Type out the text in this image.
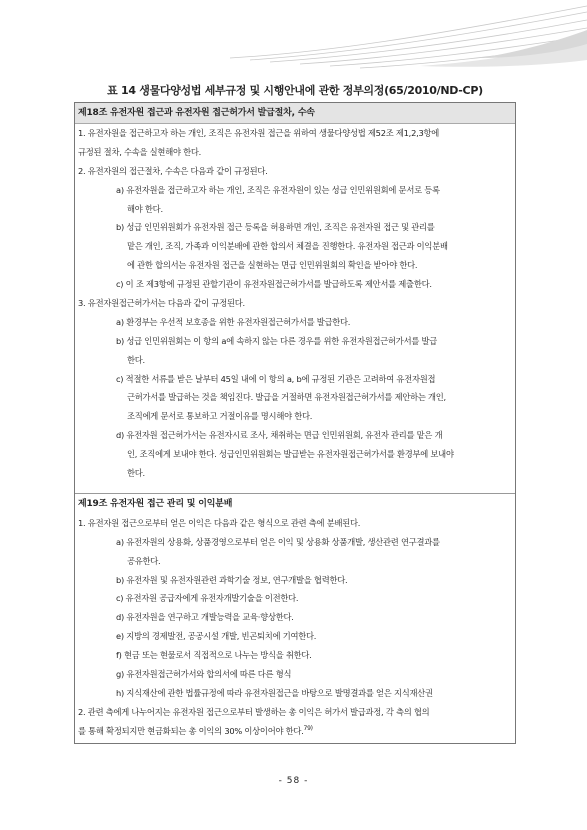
표 14 생물다양성법 세부규정 및 시행안내에 관한 정부의정(65/2010/ND-CP)
제18조 유전자원 접근과 유전자원 접근허가서 발급절차, 수속
1. 유전자원을 접근하고자 하는 개인, 조직은 유전자원 접근을 위하여 생물다양성법 제52조 제1,2,3항에
규정된 절차, 수속을 실현해야 한다.
2. 유전자원의 접근절차, 수속은 다음과 같이 규정된다.
a) 유전자원을 접근하고자 하는 개인, 조직은 유전자원이 있는 성급 인민위원회에 문서로 등록
해야 한다.
b) 성급 인민위원회가 유전자원 접근 등록을 허용하면 개인, 조직은 유전자원 접근 및 관리를
맡은 개인, 조직, 가족과 이익분배에 관한 합의서 체결을 진행한다. 유전자원 접근과 이익분배
에 관한 합의서는 유전자원 접근을 실현하는 면급 인민위원회의 확인을 받아야 한다.
c) 이 조 제3항에 규정된 관할기관이 유전자원접근허가서를 발급하도록 제안서를 제출한다.
3. 유전자원접근허가서는 다음과 같이 규정된다.
a) 환경부는 우선적 보호종을 위한 유전자원접근허가서를 발급한다.
b) 성급 인민위원회는 이 항의 a에 속하지 않는 다른 경우를 위한 유전자원접근허가서를 발급
한다.
c) 적절한 서류를 받은 날부터 45일 내에 이 항의 a, b에 규정된 기관은 고려하여 유전자원접
근허가서를 발급하는 것을 책임진다. 발급을 거절하면 유전자원접근허가서를 제안하는 개인,
조직에게 문서로 통보하고 거절이유를 명시해야 한다.
d) 유전자원 접근허가서는 유전자시료 조사, 채취하는 면급 인민위원회, 유전자 관리를 맡은 개
인, 조직에게 보내야 한다. 성급인민위원회는 발급받는 유전자원접근허가서를 환경부에 보내야
한다.
제19조 유전자원 접근 관리 및 이익분배
1. 유전자원 접근으로부터 얻은 이익은 다음과 같은 형식으로 관련 측에 분배된다.
a) 유전자원의 상용화, 상품경영으로부터 얻은 이익 및 상용화 상품개발, 생산관련 연구결과를
공유한다.
b) 유전자원 및 유전자원관련 과학기술 정보, 연구개발을 협력한다.
c) 유전자원 공급자에게 유전자개발기술을 이전한다.
d) 유전자원을 연구하고 개발능력을 교육·향상한다.
e) 지방의 경제발전, 공공시설 개발, 빈곤퇴치에 기여한다.
f) 현금 또는 현물로서 직접적으로 나누는 방식을 취한다.
g) 유전자원접근허가서와 합의서에 따른 다른 형식
h) 지식재산에 관한 법률규정에 따라 유전자원접근을 바탕으로 발명결과를 얻은 지식재산권
2. 관련 측에게 나누어지는 유전자원 접근으로부터 발생하는 총 이익은 허가서 발급과정, 각 측의 협의
를 통해 확정되지만 현금화되는 총 이익의 30% 이상이어야 한다.$^{79)}$
- 58 -
